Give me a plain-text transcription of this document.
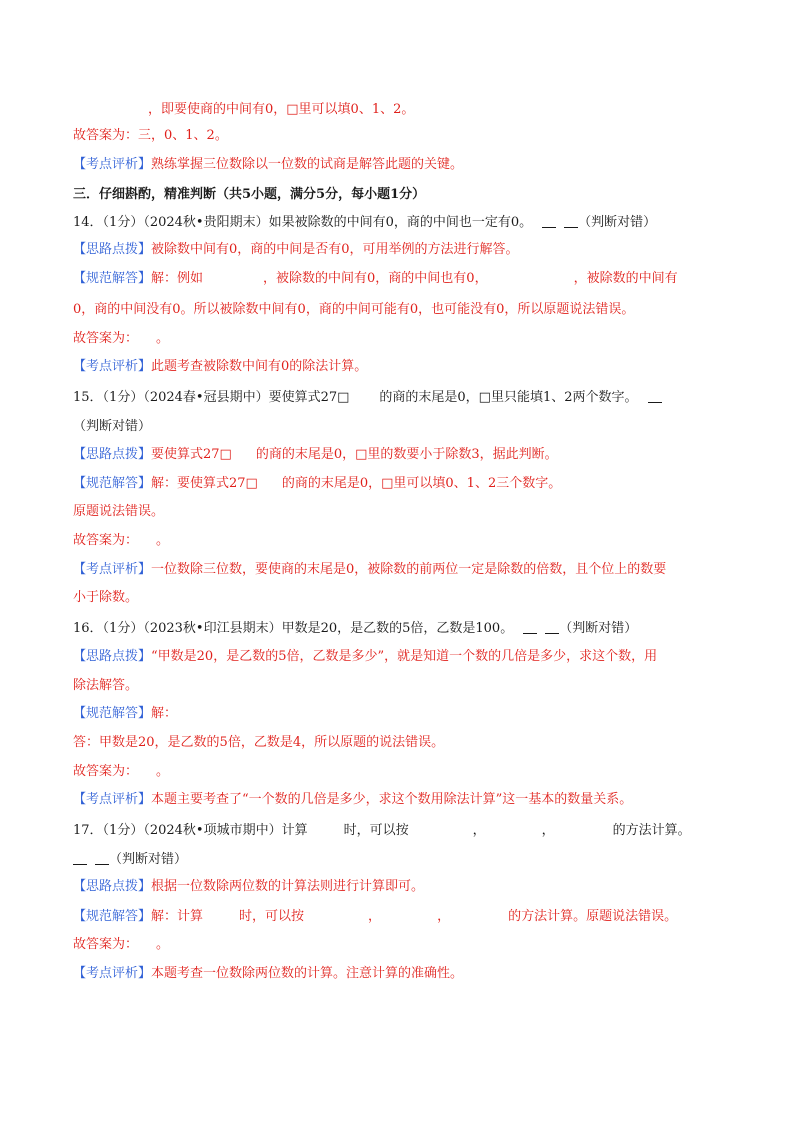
，即要使商的中间有0，□里可以填0、1、2。
故答案为：三，0、1、2。
【考点评析】熟练掌握三位数除以一位数的试商是解答此题的关键。
三．仔细斟酌，精准判断（共5小题，满分5分，每小题1分）
14．（1分）（2024秋•贵阳期末）如果被除数的中间有0，商的中间也一定有0。	（判断对错）
【思路点拨】被除数中间有0，商的中间是否有0，可用举例的方法进行解答。
【规范解答】解：例如	，被除数的中间有0，商的中间也有0，	，被除数的中间有
0，商的中间没有0。所以被除数中间有0，商的中间可能有0，也可能没有0，所以原题说法错误。
故答案为： 。
【考点评析】此题考查被除数中间有0的除法计算。
15．（1分）（2024春•冠县期中）要使算式27□ 的商的末尾是0，□里只能填1、2两个数字。
（判断对错）
【思路点拨】要使算式27□ 的商的末尾是0，□里的数要小于除数3，据此判断。
【规范解答】解：要使算式27□ 的商的末尾是0，□里可以填0、1、2三个数字。
原题说法错误。
故答案为： 。
【考点评析】一位数除三位数，要使商的末尾是0，被除数的前两位一定是除数的倍数，且个位上的数要
小于除数。
16．（1分）（2023秋•印江县期末）甲数是20，是乙数的5倍，乙数是100。	（判断对错）
【思路点拨】“甲数是20，是乙数的5倍，乙数是多少”，就是知道一个数的几倍是多少，求这个数，用
除法解答。
【规范解答】解：
答：甲数是20，是乙数的5倍，乙数是4，所以原题的说法错误。
故答案为： 。
【考点评析】本题主要考查了“一个数的几倍是多少，求这个数用除法计算”这一基本的数量关系。
17．（1分）（2024秋•项城市期中）计算	时，可以按	，	，	的方法计算。
（判断对错）
【思路点拨】根据一位数除两位数的计算法则进行计算即可。
【规范解答】解：计算	时，可以按	，	，	的方法计算。原题说法错误。
故答案为： 。
【考点评析】本题考查一位数除两位数的计算。注意计算的准确性。
